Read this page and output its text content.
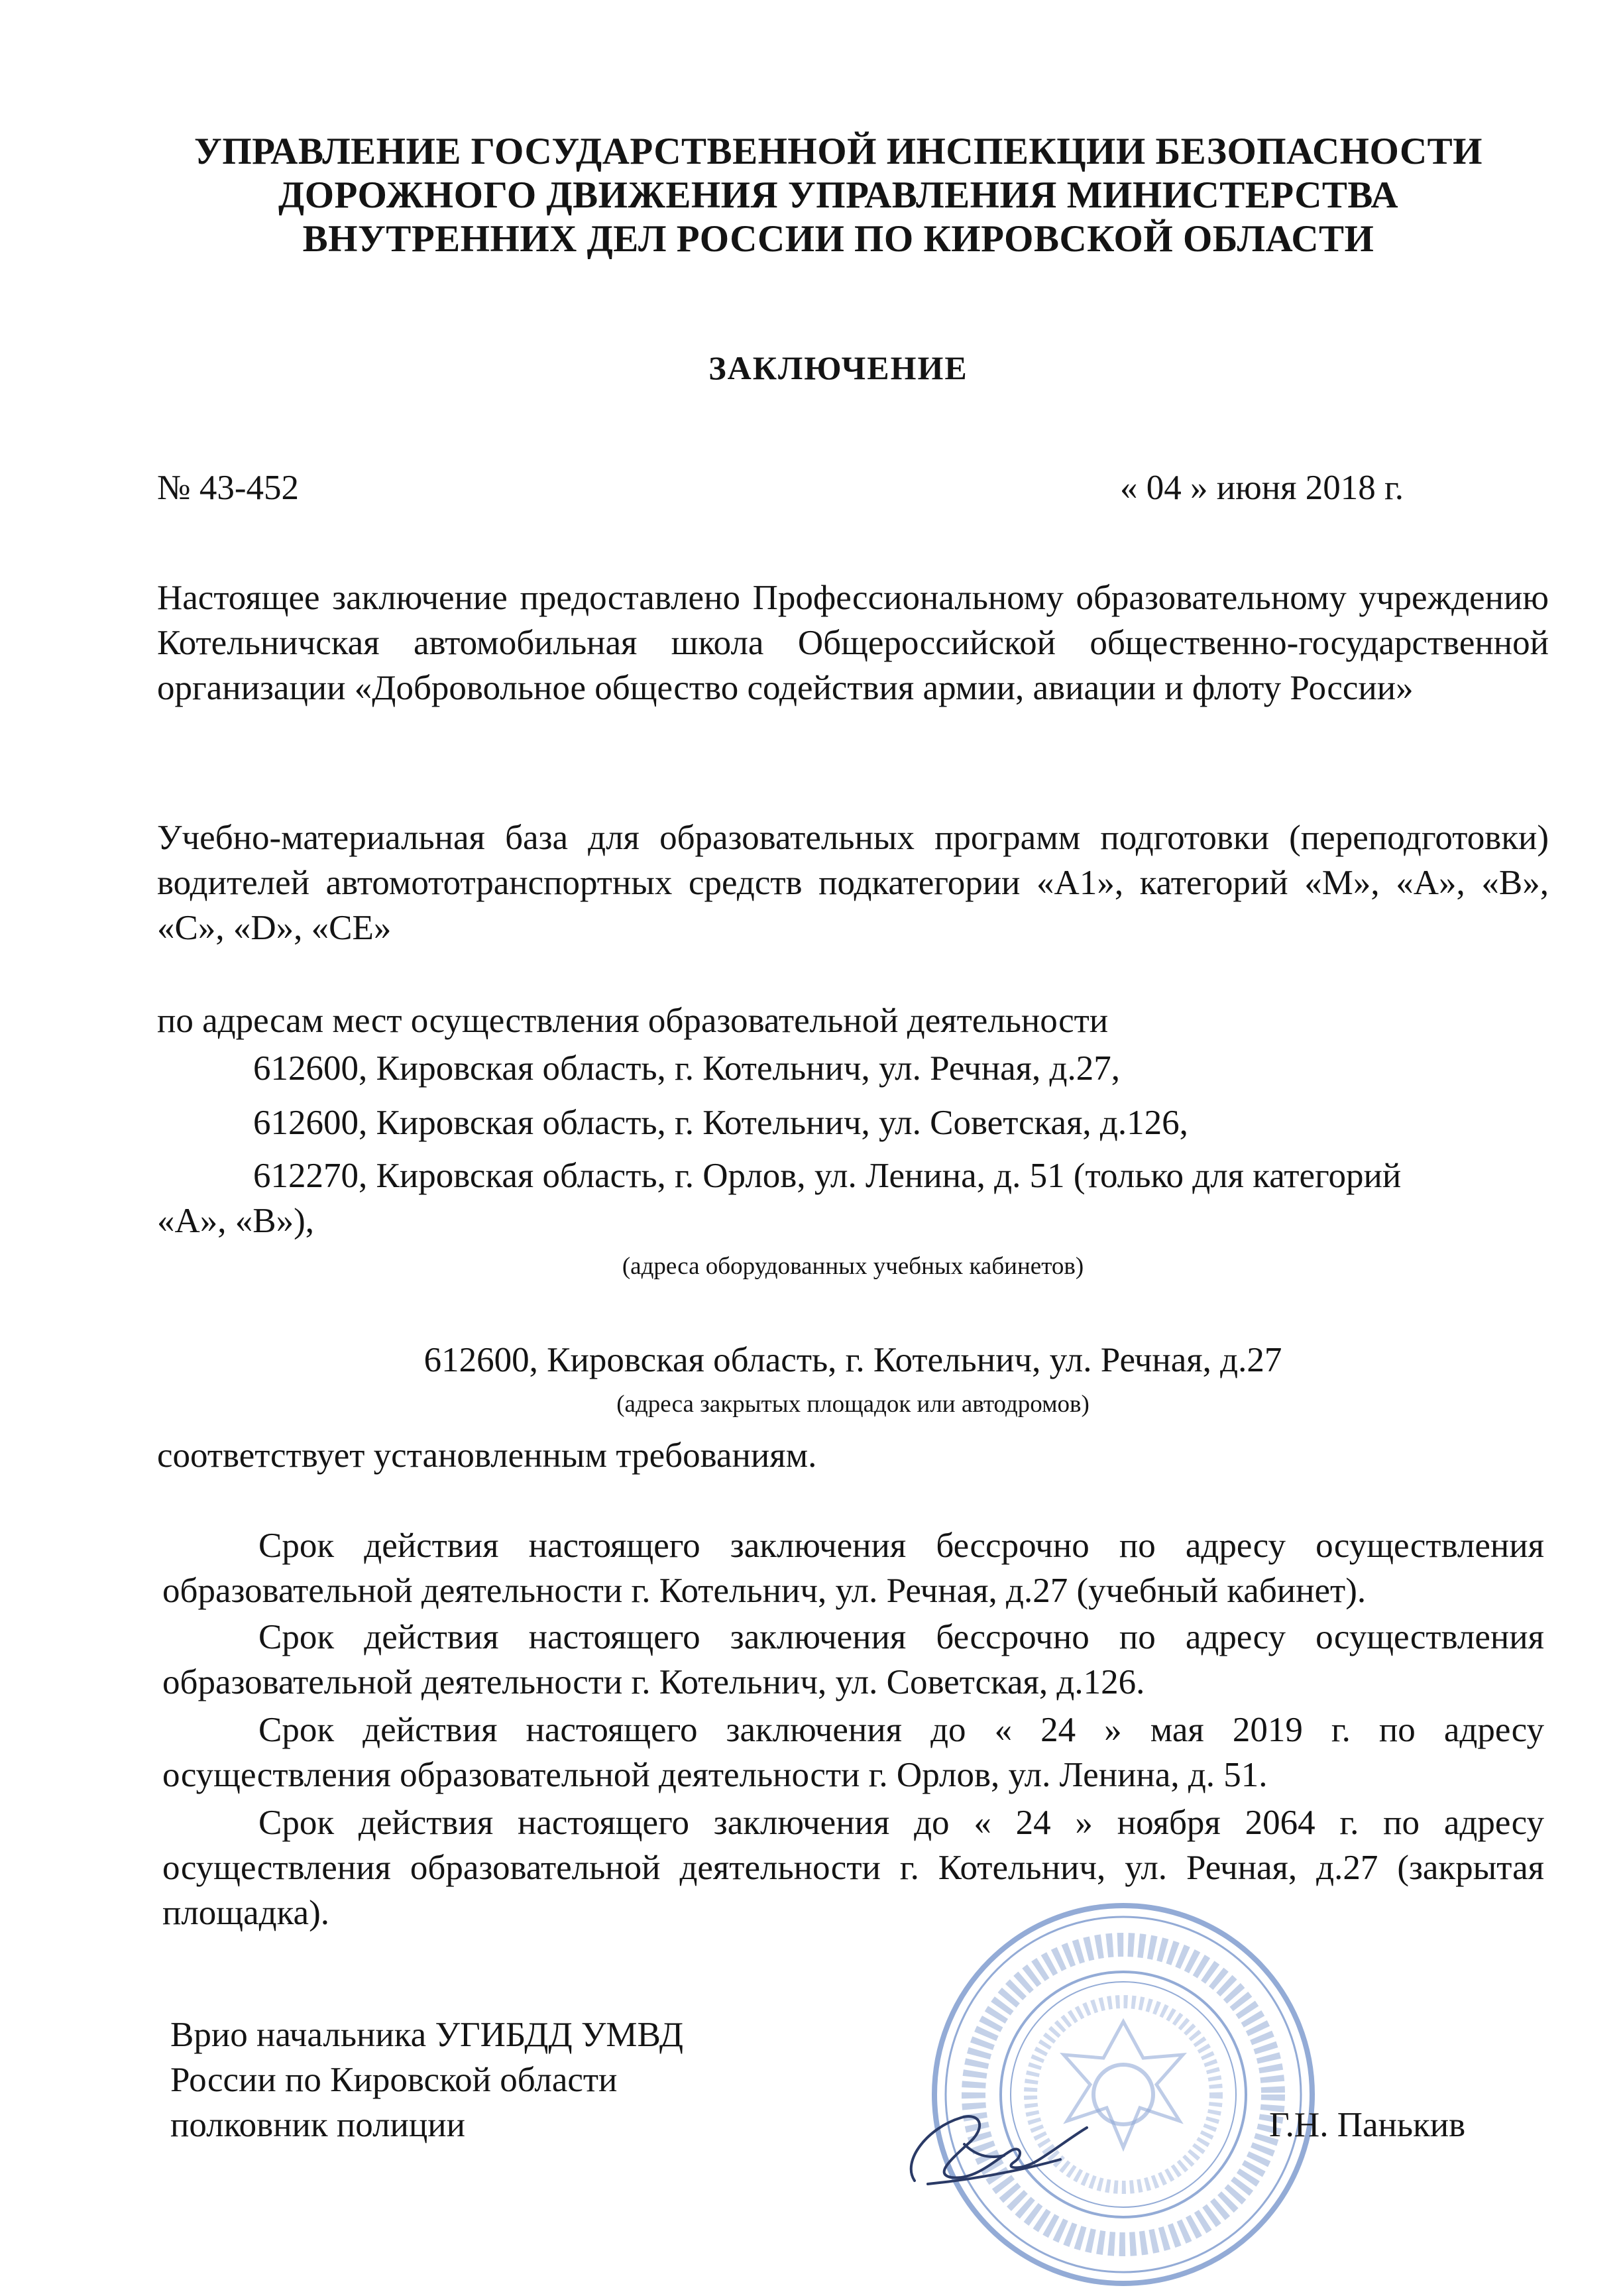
УПРАВЛЕНИЕ ГОСУДАРСТВЕННОЙ ИНСПЕКЦИИ БЕЗОПАСНОСТИ
ДОРОЖНОГО ДВИЖЕНИЯ УПРАВЛЕНИЯ МИНИСТЕРСТВА
ВНУТРЕННИХ ДЕЛ РОССИИ ПО КИРОВСКОЙ ОБЛАСТИ
ЗАКЛЮЧЕНИЕ
№ 43-452	« 04 » июня 2018 г.
Настоящее заключение предоставлено Профессиональному образовательному учреждению Котельничская автомобильная школа Общероссийской общественно-государственной организации «Добровольное общество содействия армии, авиации и флоту России»
Учебно-материальная база для образовательных программ подготовки (переподготовки) водителей автомототранспортных средств подкатегории «А1», категорий «М», «А», «В», «С», «D», «СЕ»
по адресам мест осуществления образовательной деятельности
612600, Кировская область, г. Котельнич, ул. Речная, д.27,
612600, Кировская область, г. Котельнич, ул. Советская, д.126,
612270, Кировская область, г. Орлов, ул. Ленина, д. 51 (только для категорий «А», «В»),
(адреса оборудованных учебных кабинетов)
612600, Кировская область, г. Котельнич, ул. Речная, д.27
(адреса закрытых площадок или автодромов)
соответствует установленным требованиям.
Срок действия настоящего заключения бессрочно по адресу осуществления образовательной деятельности г. Котельнич, ул. Речная, д.27 (учебный кабинет).
Срок действия настоящего заключения бессрочно по адресу осуществления образовательной деятельности г. Котельнич, ул. Советская, д.126.
Срок действия настоящего заключения до « 24 » мая 2019 г. по адресу осуществления образовательной деятельности г. Орлов, ул. Ленина, д. 51.
Срок действия настоящего заключения до « 24 » ноября 2064 г. по адресу осуществления образовательной деятельности г. Котельнич, ул. Речная, д.27 (закрытая площадка).
Врио начальника УГИБДД УМВД
России по Кировской области
полковник полиции	Г.Н. Панькив
